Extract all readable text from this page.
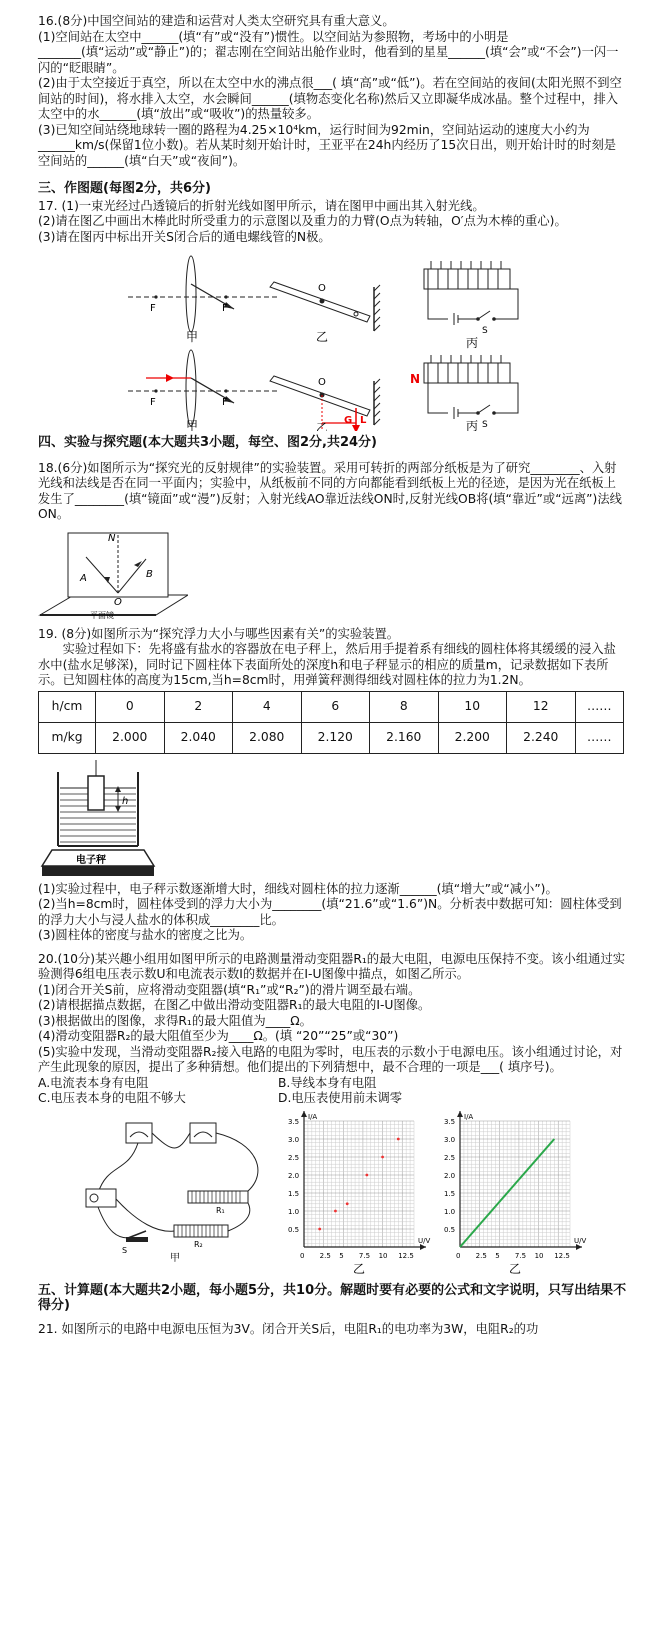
16.(8分)中国空间站的建造和运营对人类太空研究具有重大意义。

(1)空间站在太空中______(填“有”或“没有”)惯性。以空间站为参照物，考场中的小明是

_______(填“运动”或“静止”)的；翟志刚在空间站出舱作业时，他看到的星星______(填“会”或“不会”)一闪一闪的“眨眼睛”。

(2)由于太空接近于真空，所以在太空中水的沸点很___( 填“高”或“低”)。若在空间站的夜间(太阳光照不到空间站的时间)，将水排入太空，水会瞬间______(填物态变化名称)然后又立即凝华成冰晶。整个过程中，排入太空中的水______(填“放出”或“吸收”)的热量较多。

(3)已知空间站绕地球转一圈的路程为4.25×10⁴km，运行时间为92min，空间站运动的速度大小约为______km/s(保留1位小数)。若从某时刻开始计时，王亚平在24h内经历了15次日出，则开始计时的时刻是空间站的______(填“白天”或“夜间”)。

三、作图题(每图2分，共6分)

17. (1)一束光经过凸透镜后的折射光线如图甲所示，请在图甲中画出其入射光线。

(2)请在图乙中画出木棒此时所受重力的示意图以及重力的力臂(O点为转轴，O′点为木棒的重心)。

(3)请在图丙中标出开关S闭合后的通电螺线管的N极。

F	F
甲
O
乙	S
丙
F	F
甲
O
G L
乙
N
S
丙

四、实验与探究题(本大题共3小题，每空、图2分,共24分)

18.(6分)如图所示为“探究光的反射规律”的实验装置。采用可转折的两部分纸板是为了研究________、入射光线和法线是否在同一平面内；实验中，从纸板前不同的方向都能看到纸板上光的径迹，是因为光在纸板上发生了________(填“镜面”或“漫”)反射；入射光线AO靠近法线ON时,反射光线OB将(填“靠近”或“远离”)法线ON。

N
A	B
O
平面镜

19. (8分)如图所示为“探究浮力大小与哪些因素有关”的实验装置。

实验过程如下：先将盛有盐水的容器放在电子秤上，然后用手提着系有细线的圆柱体将其缓缓的浸入盐水中(盐水足够深)，同时记下圆柱体下表面所处的深度h和电子秤显示的相应的质量m，记录数据如下表所示。已知圆柱体的高度为15cm,当h=8cm时，用弹簧秤测得细线对圆柱体的拉力为1.2N。

h/cm	0	2	4	6	8	10	12	……
m/kg	2.000	2.040	2.080	2.120	2.160	2.200	2.240	……
h
电子秤

(1)实验过程中，电子秤示数逐渐增大时，细线对圆柱体的拉力逐渐______(填“增大”或“减小”)。

(2)当h=8cm时，圆柱体受到的浮力大小为________(填“21.6”或“1.6”)N。分析表中数据可知：圆柱体受到的浮力大小与浸人盐水的体积成________比。

(3)圆柱体的密度与盐水的密度之比为。

20.(10分)某兴趣小组用如图甲所示的电路测量滑动变阻器R₁的最大电阻，电源电压保持不变。该小组通过实验测得6组电压表示数U和电流表示数I的数据并在I-U图像中描点，如图乙所示。

(1)闭合开关S前，应将滑动变阻器(填“R₁”或“R₂”)的滑片调至最右端。

(2)请根据描点数据，在图乙中做出滑动变阻器R₁的最大电阻的I-U图像。

(3)根据做出的图像，求得R₁的最大阻值为____Ω。

(4)滑动变阻器R₂的最大阻值至少为____Ω。(填 “20”“25”或“30”)

(5)实验中发现，当滑动变阻器R₂接入电路的电阻为零时，电压表的示数小于电源电压。该小组通过讨论，对产生此现象的原因，提出了多种猜想。他们提出的下列猜想中，最不合理的一项是___( 填序号)。

A.电流表本身有电阻	B.导线本身有电阻
C.电压表本身的电阻不够大	D.电压表使用前未调零
R₁
R₂
S
甲	0 2.5 5 7.5 10 12.5
0.5
1.0
1.5
2.0
2.5
3.0
3.5
U/V
I/A
乙
0 2.5 5 7.5 10 12.5
0.5
1.0
1.5
2.0
2.5
3.0
3.5
U/V
I/A
乙

五、计算题(本大题共2小题，每小题5分，共10分。解题时要有必要的公式和文字说明，只写出结果不得分)

21. 如图所示的电路中电源电压恒为3V。闭合开关S后，电阻R₁的电功率为3W，电阻R₂的功
